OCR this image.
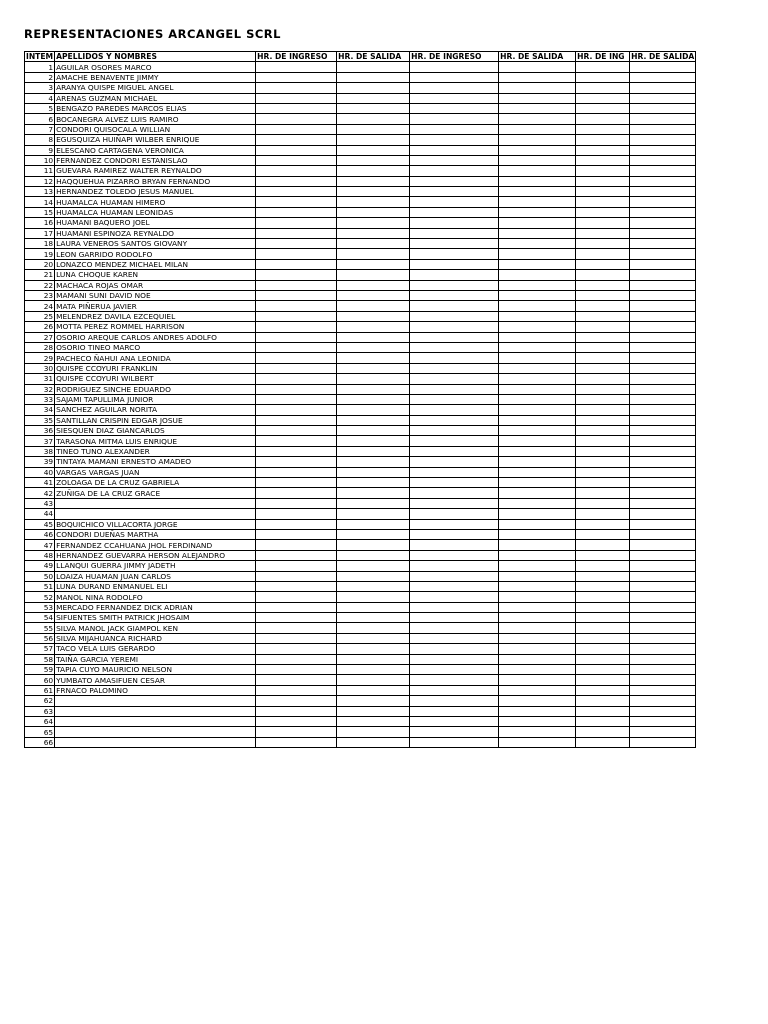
REPRESENTACIONES ARCANGEL SCRL
INTEM	APELLIDOS Y NOMBRES	HR. DE INGRESO	HR. DE SALIDA	HR. DE INGRESO	HR. DE SALIDA	HR. DE ING	HR. DE SALIDA
1	AGUILAR OSORES MARCO						
2	AMACHE BENAVENTE JIMMY						
3	ARANYA QUISPE MIGUEL ANGEL						
4	ARENAS GUZMAN MICHAEL						
5	BENGAZO PAREDES MARCOS ELIAS						
6	BOCANEGRA ALVEZ LUIS RAMIRO						
7	CONDORI QUISOCALA WILLIAN						
8	EGUSQUIZA HUIÑAPI WILBER ENRIQUE						
9	ELESCANO CARTAGENA VERONICA						
10	FERNANDEZ CONDORI ESTANISLAO						
11	GUEVARA RAMIREZ WALTER REYNALDO						
12	HAQQUEHUA PIZARRO BRYAN FERNANDO						
13	HERNANDEZ TOLEDO JESUS MANUEL						
14	HUAMALCA HUAMAN HIMERO						
15	HUAMALCA HUAMAN LEONIDAS						
16	HUAMANI BAQUERO JOEL						
17	HUAMANI ESPINOZA REYNALDO						
18	LAURA VENEROS SANTOS GIOVANY						
19	LEON GARRIDO RODOLFO						
20	LONAZCO MENDEZ MICHAEL MILAN						
21	LUNA CHOQUE KAREN						
22	MACHACA ROJAS OMAR						
23	MAMANI SUNI DAVID NOE						
24	MATA PIÑERUA JAVIER						
25	MELENDREZ DAVILA EZCEQUIEL						
26	MOTTA PEREZ ROMMEL HARRISON						
27	OSORIO AREQUE CARLOS ANDRES ADOLFO						
28	OSORIO TINEO MARCO						
29	PACHECO ÑAHUI ANA LEONIDA						
30	QUISPE CCOYURI FRANKLIN						
31	QUISPE CCOYURI WILBERT						
32	RODRIGUEZ SINCHE EDUARDO						
33	SAJAMI TAPULLIMA JUNIOR						
34	SANCHEZ AGUILAR NORITA						
35	SANTILLAN CRISPIN EDGAR JOSUE						
36	SIESQUEN DIAZ GIANCARLOS						
37	TARASONA MITMA LUIS ENRIQUE						
38	TINEO TUNO ALEXANDER						
39	TINTAYA MAMANI ERNESTO AMADEO						
40	VARGAS VARGAS JUAN						
41	ZOLOAGA DE LA CRUZ GABRIELA						
42	ZUÑIGA DE LA CRUZ GRACE						
43							
44							
45	BOQUICHICO VILLACORTA JORGE						
46	CONDORI DUEÑAS MARTHA						
47	FERNANDEZ CCAHUANA JHOL FERDINAND						
48	HERNANDEZ GUEVARRA HERSON ALEJANDRO						
49	LLANQUI GUERRA JIMMY JADETH						
50	LOAIZA HUAMAN JUAN CARLOS						
51	LUNA DURAND ENMANUEL ELI						
52	MANOL NINA RODOLFO						
53	MERCADO FERNANDEZ DICK ADRIAN						
54	SIFUENTES SMITH PATRICK JHOSAIM						
55	SILVA MANOL JACK GIAMPOL KEN						
56	SILVA MIJAHUANCA RICHARD						
57	TACO VELA LUIS GERARDO						
58	TAIÑA GARCIA YEREMI						
59	TAPIA CUYO MAURICIO NELSON						
60	YUMBATO AMASIFUEN CESAR						
61	FRNACO PALOMINO						
62							
63							
64							
65							
66							
